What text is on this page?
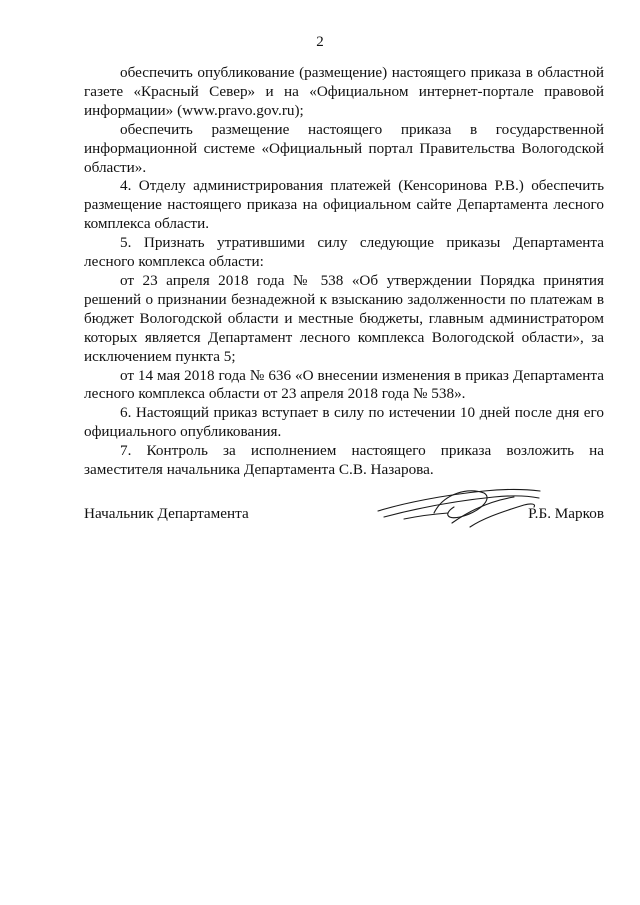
2

обеспечить опубликование (размещение) настоящего приказа в областной газете «Красный Север» и на «Официальном интернет-портале правовой информации» (www.pravo.gov.ru);

обеспечить размещение настоящего приказа в государственной информационной системе «Официальный портал Правительства Вологодской области».

4. Отделу администрирования платежей (Кенсоринова Р.В.) обеспечить размещение настоящего приказа на официальном сайте Департамента лесного комплекса области.

5. Признать утратившими силу следующие приказы Департамента лесного комплекса области:

от 23 апреля 2018 года № 538 «Об утверждении Порядка принятия решений о признании безнадежной к взысканию задолженности по платежам в бюджет Вологодской области и местные бюджеты, главным администратором которых является Департамент лесного комплекса Вологодской области», за исключением пункта 5;

от 14 мая 2018 года № 636 «О внесении изменения в приказ Департамента лесного комплекса области от 23 апреля 2018 года № 538».

6. Настоящий приказ вступает в силу по истечении 10 дней после дня его официального опубликования.

7. Контроль за исполнением настоящего приказа возложить на заместителя начальника Департамента С.В. Назарова.

Начальник Департамента	Р.Б. Марков
